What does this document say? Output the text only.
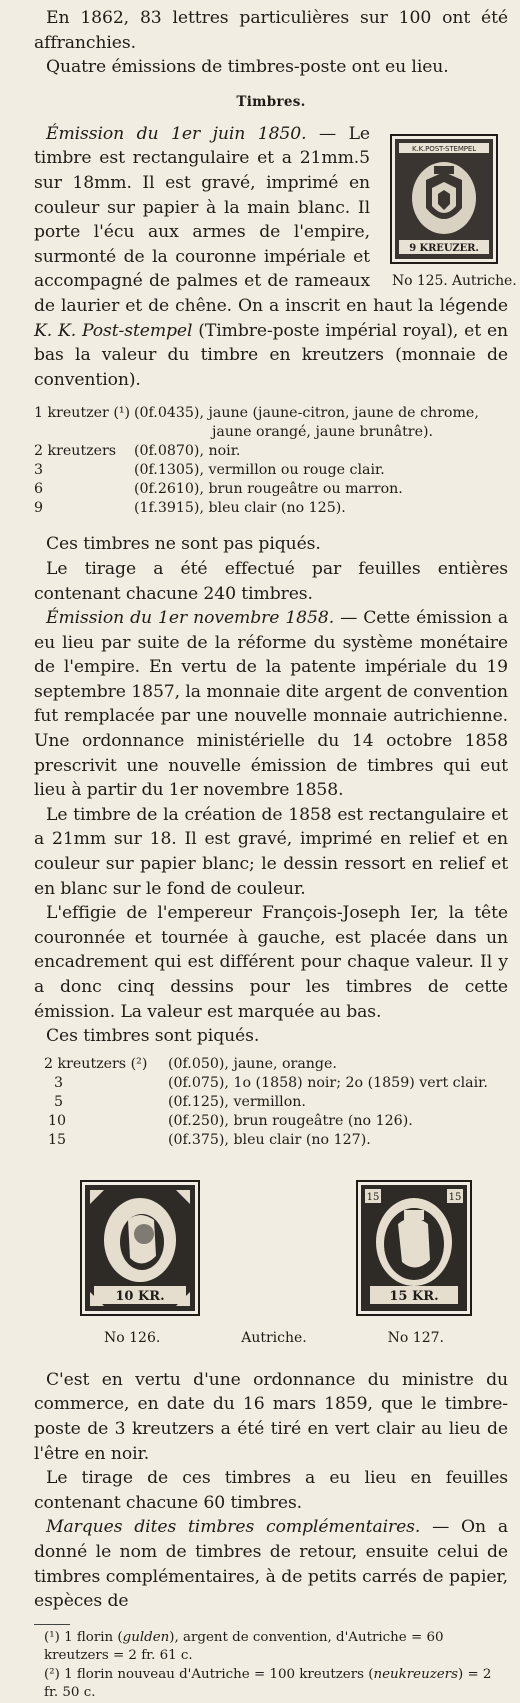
En 1862, 83 lettres particulières sur 100 ont été affranchies.
Quatre émissions de timbres-poste ont eu lieu.
Timbres.
K.K.POST-STEMPEL
9 KREUZER.
No 125. Autriche.
Émission du 1er juin 1850. — Le timbre est rectangulaire et a 21mm.5 sur 18mm. Il est gravé, imprimé en couleur sur papier à la main blanc. Il porte l'écu aux armes de l'empire, surmonté de la couronne impériale et accompagné de palmes et de rameaux de laurier et de chêne. On a inscrit en haut la légende K. K. Post-stempel (Timbre-poste impérial royal), et en bas la valeur du timbre en kreutzers (monnaie de convention).
1 kreutzer (¹) (0f.0435), jaune (jaune-citron, jaune de chrome,
jaune orangé, jaune brunâtre).
2 kreutzers	(0f.0870), noir.
3	(0f.1305), vermillon ou rouge clair.
6	(0f.2610), brun rougeâtre ou marron.
9	(1f.3915), bleu clair (no 125).
Ces timbres ne sont pas piqués.
Le tirage a été effectué par feuilles entières contenant chacune 240 timbres.
Émission du 1er novembre 1858. — Cette émission a eu lieu par suite de la réforme du système monétaire de l'empire. En vertu de la patente impériale du 19 septembre 1857, la monnaie dite argent de convention fut remplacée par une nouvelle monnaie autrichienne. Une ordonnance ministérielle du 14 octobre 1858 prescrivit une nouvelle émission de timbres qui eut lieu à partir du 1er novembre 1858.
Le timbre de la création de 1858 est rectangulaire et a 21mm sur 18. Il est gravé, imprimé en relief et en couleur sur papier blanc; le dessin ressort en relief et en blanc sur le fond de couleur.
L'effigie de l'empereur François-Joseph Ier, la tête couronnée et tournée à gauche, est placée dans un encadrement qui est différent pour chaque valeur. Il y a donc cinq dessins pour les timbres de cette émission. La valeur est marquée au bas.
Ces timbres sont piqués.
2 kreutzers (²)	(0f.050), jaune, orange.
3	(0f.075), 1o (1858) noir; 2o (1859) vert clair.
5	(0f.125), vermillon.
10	(0f.250), brun rougeâtre (no 126).
15	(0f.375), bleu clair (no 127).
10 KR.
15	15
15 KR.
No 126.	Autriche.	No 127.
C'est en vertu d'une ordonnance du ministre du commerce, en date du 16 mars 1859, que le timbre-poste de 3 kreutzers a été tiré en vert clair au lieu de l'être en noir.
Le tirage de ces timbres a eu lieu en feuilles contenant chacune 60 timbres.
Marques dites timbres complémentaires. — On a donné le nom de timbres de retour, ensuite celui de timbres complémentaires, à de petits carrés de papier, espèces de
(¹) 1 florin (gulden), argent de convention, d'Autriche = 60 kreutzers = 2 fr. 61 c.
(²) 1 florin nouveau d'Autriche = 100 kreutzers (neukreuzers) = 2 fr. 50 c.
